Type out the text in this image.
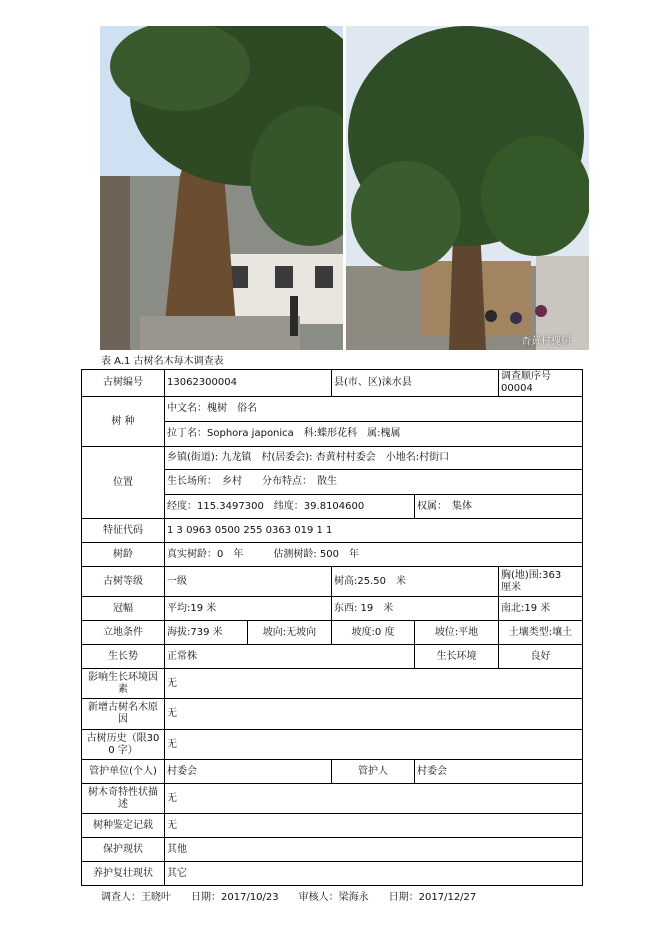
杏黄村槐树
表 A.1 古树名木每木调查表
古树编号	13062300004		县(市、区)涞水县		调查顺序号
00004

树 种	中文名：槐树　俗名				
	拉丁名：Sophora japonica　科:蝶形花科　属:槐属				
位置	乡镇(街道): 九龙镇　村(居委会): 杏黄村村委会　小地名:村街口				
	生长场所：　乡村　　分布特点：　散生				
	经度：115.3497300　纬度：39.8104600			权属：　集体	
特征代码	1 3 0963 0500 255 0363 019 1 1				
树龄	真实树龄：0　年　　　估测树龄: 500　年				
古树等级	一级		树高:25.50　米		胸(地)围:363　厘米
冠幅	平均:19 米		东西: 19　米		南北:19 米
立地条件	海拔:739 米	坡向:无坡向	坡度:0 度	坡位:平地	土壤类型:壤土
生长势	正常株			生长环境	良好
影响生长环境因素	无				
新增古树名木原因	无				
古树历史（限300 字）	无				
管护单位(个人)	村委会		管护人	村委会	
树木奇特性状描述	无				
树种鉴定记载	无				
保护现状	其他				
养护复壮现状	其它				
调查人：王晓叶　　日期：2017/10/23　　审核人：梁海永　　日期：2017/12/27
